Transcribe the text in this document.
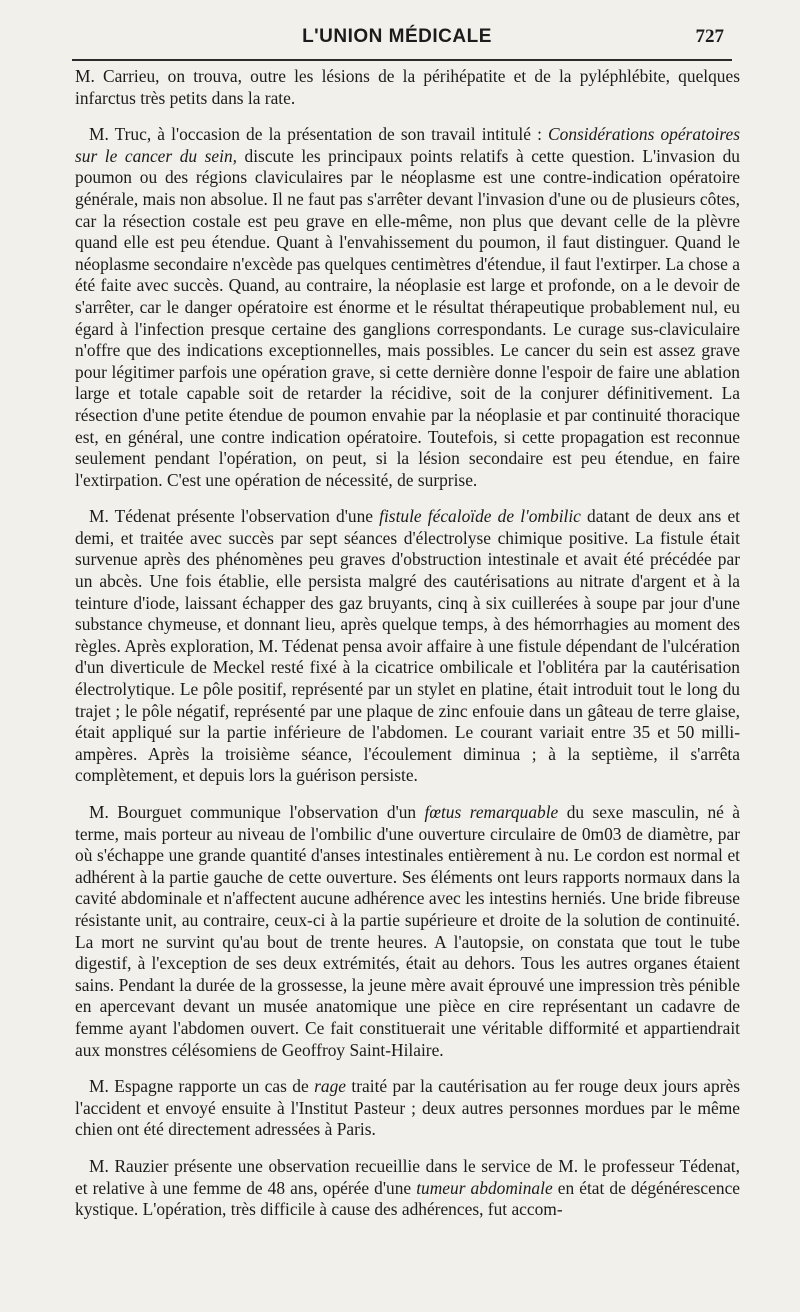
L'UNION MÉDICALE	727

M. Carrieu, on trouva, outre les lésions de la périhépatite et de la pyléphlébite, quelques infarctus très petits dans la rate.

M. Truc, à l'occasion de la présentation de son travail intitulé : Considérations opératoires sur le cancer du sein, discute les principaux points relatifs à cette question. L'invasion du poumon ou des régions claviculaires par le néoplasme est une contre-indication opératoire générale, mais non absolue. Il ne faut pas s'arrêter devant l'invasion d'une ou de plusieurs côtes, car la résection costale est peu grave en elle-même, non plus que devant celle de la plèvre quand elle est peu étendue. Quant à l'envahissement du poumon, il faut distinguer. Quand le néoplasme secondaire n'excède pas quelques centimètres d'étendue, il faut l'extirper. La chose a été faite avec succès. Quand, au contraire, la néoplasie est large et profonde, on a le devoir de s'arrêter, car le danger opératoire est énorme et le résultat thérapeutique probablement nul, eu égard à l'infection presque certaine des ganglions correspondants. Le curage sus-claviculaire n'offre que des indications exceptionnelles, mais possibles. Le cancer du sein est assez grave pour légitimer parfois une opération grave, si cette dernière donne l'espoir de faire une ablation large et totale capable soit de retarder la récidive, soit de la conjurer définitivement. La résection d'une petite étendue de poumon envahie par la néoplasie et par continuité thoracique est, en général, une contre indication opératoire. Toutefois, si cette propagation est reconnue seulement pendant l'opération, on peut, si la lésion secondaire est peu étendue, en faire l'extirpation. C'est une opération de nécessité, de surprise.

M. Tédenat présente l'observation d'une fistule fécaloïde de l'ombilic datant de deux ans et demi, et traitée avec succès par sept séances d'électrolyse chimique positive. La fistule était survenue après des phénomènes peu graves d'obstruction intestinale et avait été précédée par un abcès. Une fois établie, elle persista malgré des cautérisations au nitrate d'argent et à la teinture d'iode, laissant échapper des gaz bruyants, cinq à six cuillerées à soupe par jour d'une substance chymeuse, et donnant lieu, après quelque temps, à des hémorrhagies au moment des règles. Après exploration, M. Tédenat pensa avoir affaire à une fistule dépendant de l'ulcération d'un diverticule de Meckel resté fixé à la cicatrice ombilicale et l'oblitéra par la cautérisation électrolytique. Le pôle positif, représenté par un stylet en platine, était introduit tout le long du trajet ; le pôle négatif, représenté par une plaque de zinc enfouie dans un gâteau de terre glaise, était appliqué sur la partie inférieure de l'abdomen. Le courant variait entre 35 et 50 milli-ampères. Après la troisième séance, l'écoulement diminua ; à la septième, il s'arrêta complètement, et depuis lors la guérison persiste.

M. Bourguet communique l'observation d'un fœtus remarquable du sexe masculin, né à terme, mais porteur au niveau de l'ombilic d'une ouverture circulaire de 0m03 de diamètre, par où s'échappe une grande quantité d'anses intestinales entièrement à nu. Le cordon est normal et adhérent à la partie gauche de cette ouverture. Ses éléments ont leurs rapports normaux dans la cavité abdominale et n'affectent aucune adhérence avec les intestins herniés. Une bride fibreuse résistante unit, au contraire, ceux-ci à la partie supérieure et droite de la solution de continuité. La mort ne survint qu'au bout de trente heures. A l'autopsie, on constata que tout le tube digestif, à l'exception de ses deux extrémités, était au dehors. Tous les autres organes étaient sains. Pendant la durée de la grossesse, la jeune mère avait éprouvé une impression très pénible en apercevant devant un musée anatomique une pièce en cire représentant un cadavre de femme ayant l'abdomen ouvert. Ce fait constituerait une véritable difformité et appartiendrait aux monstres célésomiens de Geoffroy Saint-Hilaire.

M. Espagne rapporte un cas de rage traité par la cautérisation au fer rouge deux jours après l'accident et envoyé ensuite à l'Institut Pasteur ; deux autres personnes mordues par le même chien ont été directement adressées à Paris.

M. Rauzier présente une observation recueillie dans le service de M. le professeur Tédenat, et relative à une femme de 48 ans, opérée d'une tumeur abdominale en état de dégénérescence kystique. L'opération, très difficile à cause des adhérences, fut accom-
